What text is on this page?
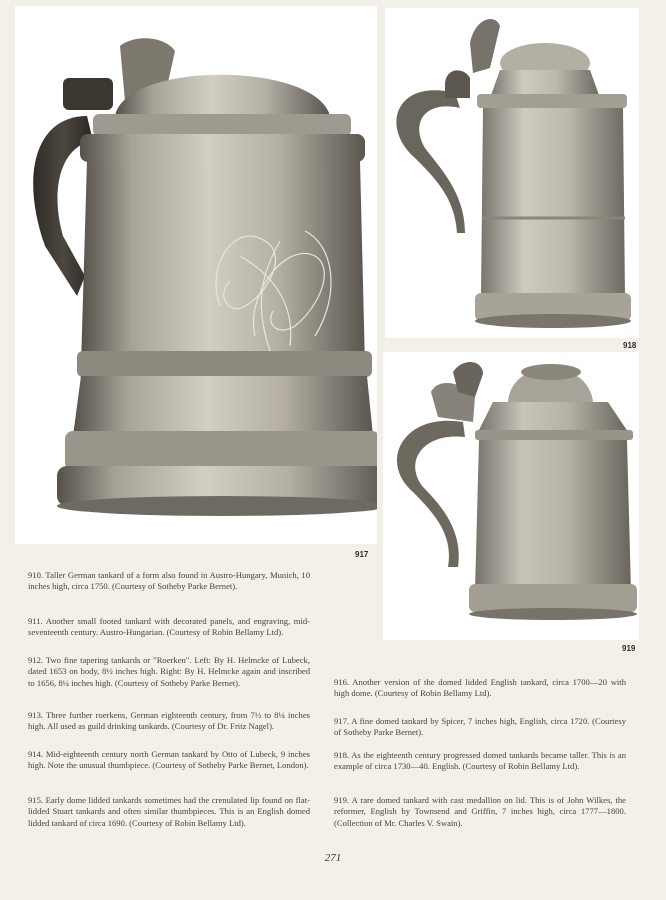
917
918
919

910. Taller German tankard of a form also found in Austro-Hungary, Munich, 10 inches high, circa 1750. (Courtesy of Sotheby Parke Bernet).

911. Another small footed tankard with decorated panels, and engraving, mid-seventeenth century. Austro-Hungarian. (Courtesy of Robin Bellamy Ltd).

912. Two fine tapering tankards or "Roerken". Left: By H. Helmcke of Lubeck, dated 1653 on body, 8½ inches high. Right: By H. Helmcke again and inscribed to 1656, 8¼ inches high. (Courtesy of Sotheby Parke Bernet).

913. Three further roerkens, German eighteenth century, from 7½ to 8¼ inches high. All used as guild drinking tankards. (Courtesy of Dr. Fritz Nagel).

914. Mid-eighteenth century north German tankard by Otto of Lubeck, 9 inches high. Note the unusual thumbpiece. (Courtesy of Sotheby Parke Bernet, London).

915. Early dome lidded tankards sometimes had the crenulated lip found on flat-lidded Stuart tankards and often similar thumbpieces. This is an English domed lidded tankard of circa 1690. (Courtesy of Robin Bellamy Ltd).

916. Another version of the domed lidded English tankard, circa 1700—20 with high dome. (Courtesy of Robin Bellamy Ltd).

917. A fine domed tankard by Spicer, 7 inches high, English, circa 1720. (Courtesy of Sotheby Parke Bernet).

918. As the eighteenth century progressed domed tankards became taller. This is an example of circa 1730—40. English. (Courtesy of Robin Bellamy Ltd).

919. A rare domed tankard with cast medallion on lid. This is of John Wilkes, the reformer, English by Townsend and Griffin, 7 inches high, circa 1777—1800. (Collection of Mr. Charles V. Swain).

271
